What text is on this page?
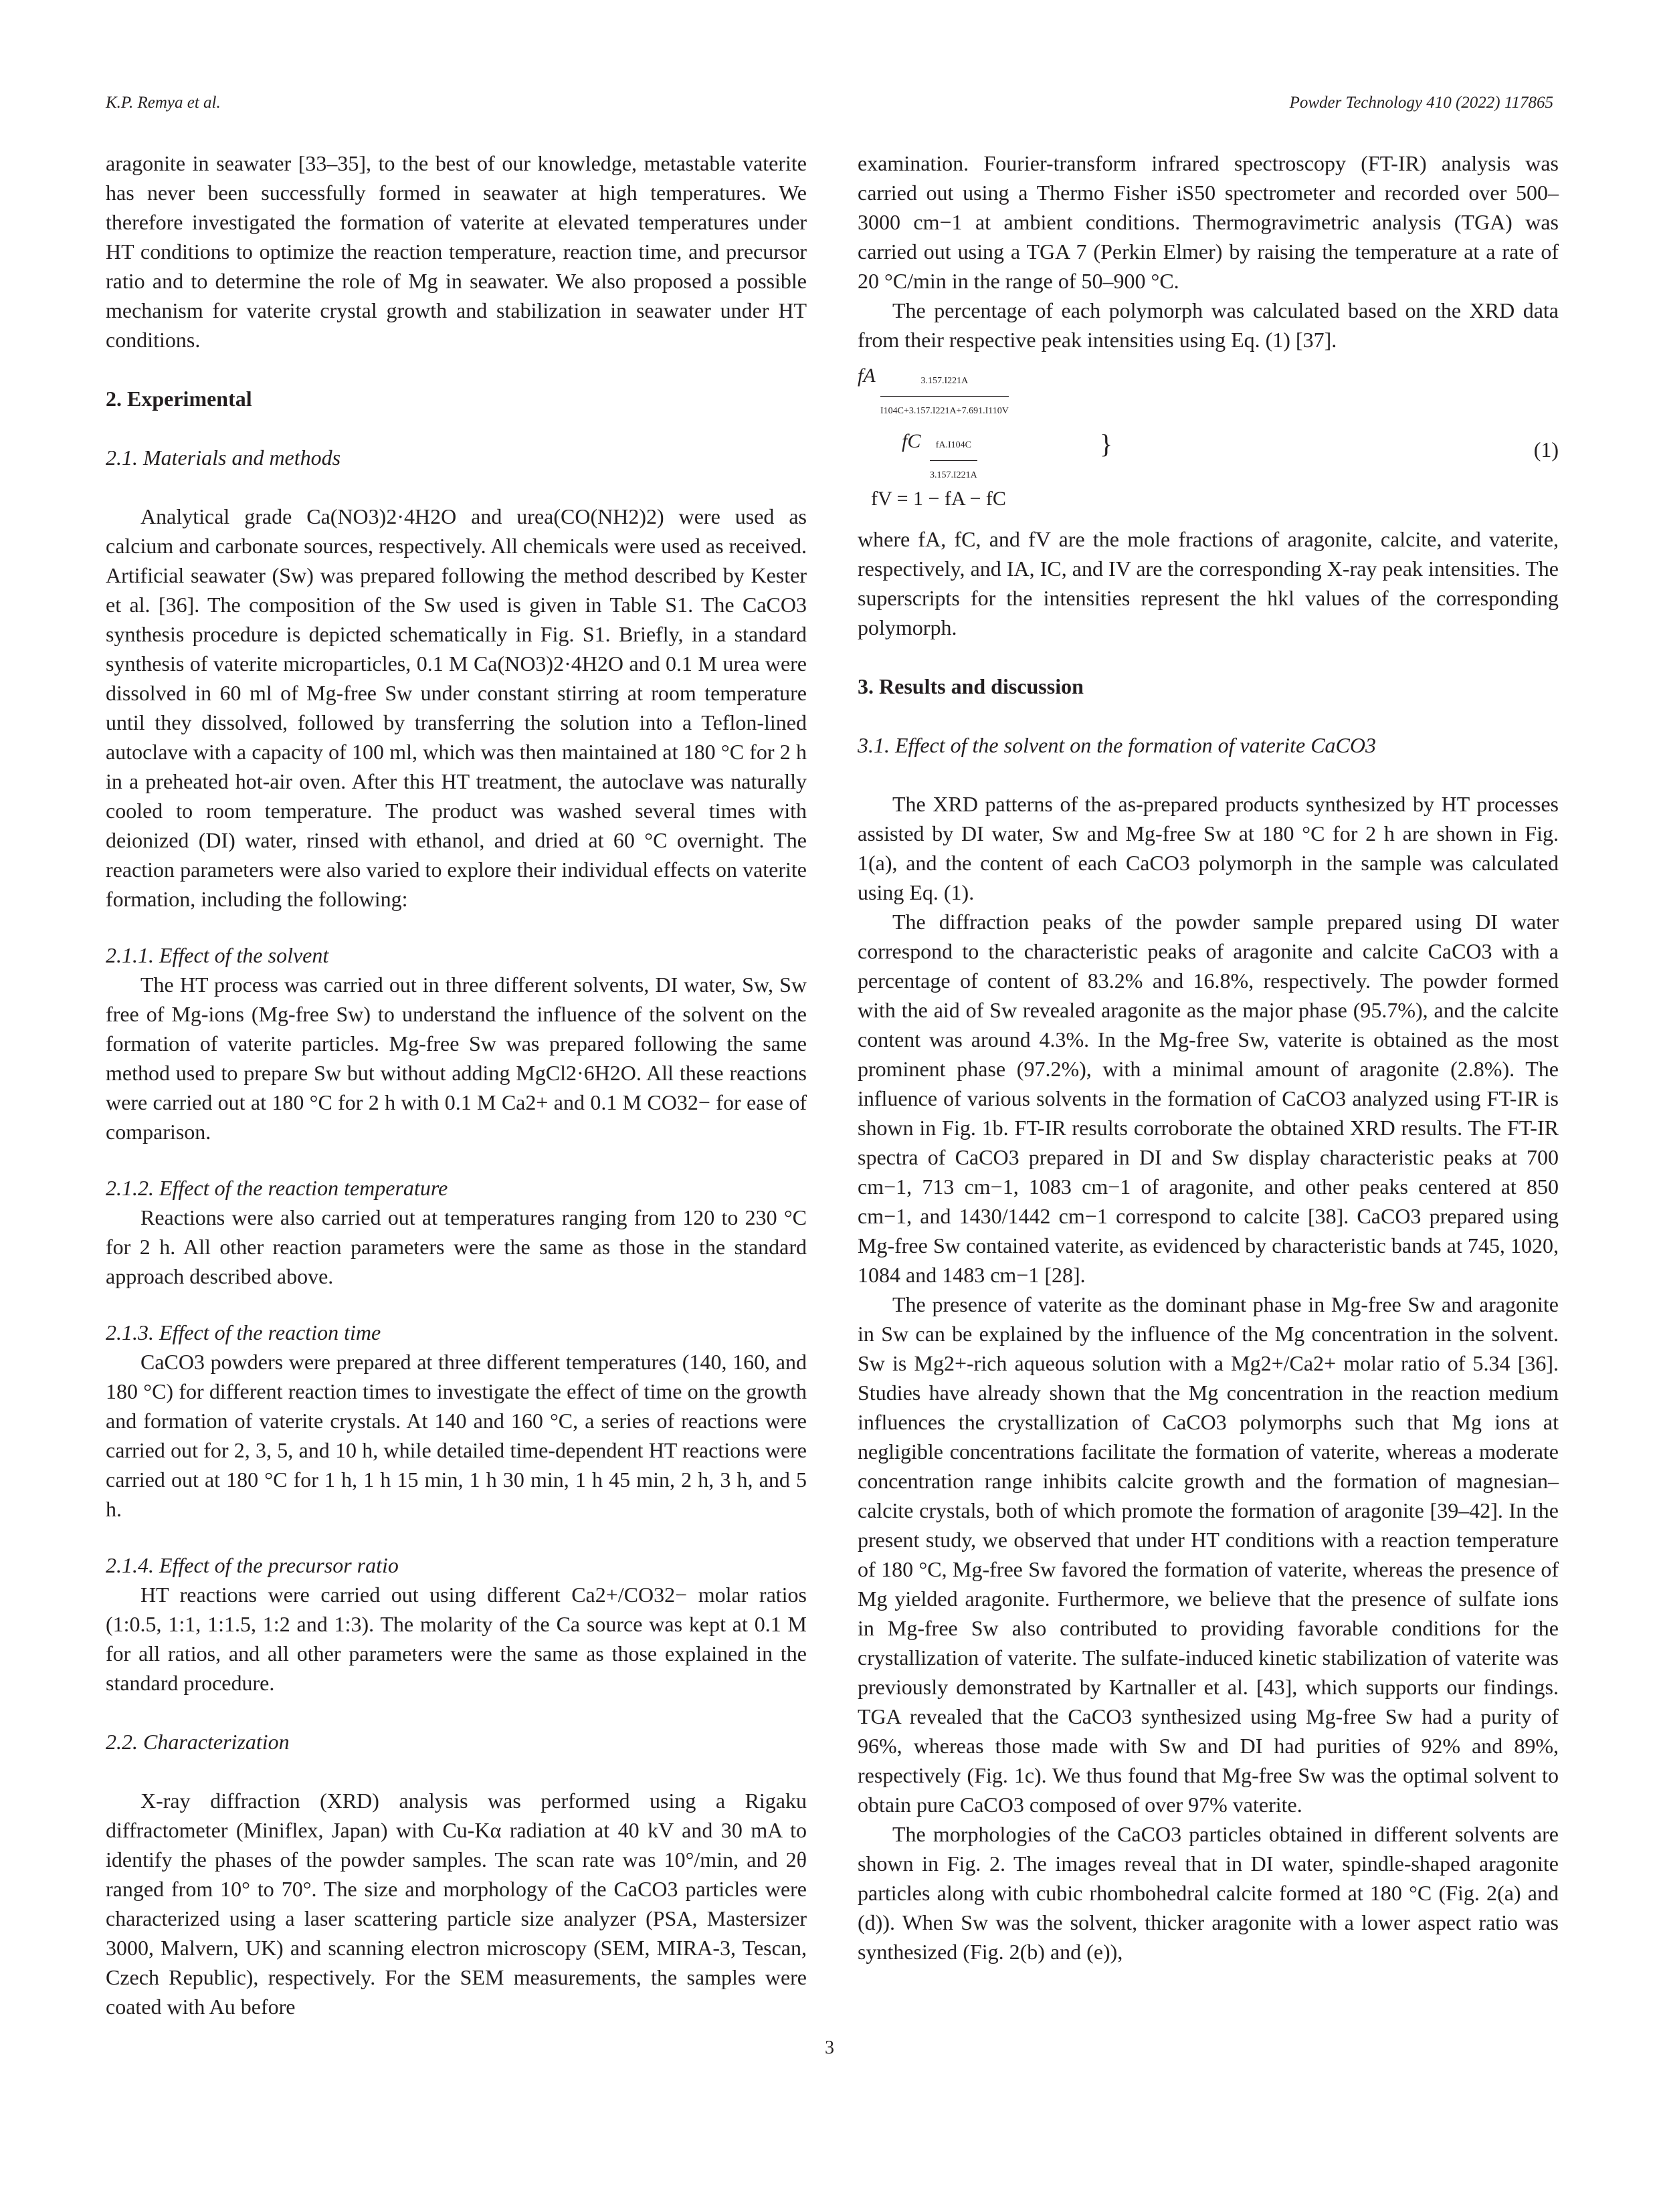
K.P. Remya et al.	Powder Technology 410 (2022) 117865

aragonite in seawater [33–35], to the best of our knowledge, metastable vaterite has never been successfully formed in seawater at high temperatures. We therefore investigated the formation of vaterite at elevated temperatures under HT conditions to optimize the reaction temperature, reaction time, and precursor ratio and to determine the role of Mg in seawater. We also proposed a possible mechanism for vaterite crystal growth and stabilization in seawater under HT conditions.

2. Experimental

2.1. Materials and methods

Analytical grade Ca(NO3)2·4H2O and urea(CO(NH2)2) were used as calcium and carbonate sources, respectively. All chemicals were used as received. Artificial seawater (Sw) was prepared following the method described by Kester et al. [36]. The composition of the Sw used is given in Table S1. The CaCO3 synthesis procedure is depicted schematically in Fig. S1. Briefly, in a standard synthesis of vaterite microparticles, 0.1 M Ca(NO3)2·4H2O and 0.1 M urea were dissolved in 60 ml of Mg-free Sw under constant stirring at room temperature until they dissolved, followed by transferring the solution into a Teflon-lined autoclave with a capacity of 100 ml, which was then maintained at 180 °C for 2 h in a preheated hot-air oven. After this HT treatment, the autoclave was naturally cooled to room temperature. The product was washed several times with deionized (DI) water, rinsed with ethanol, and dried at 60 °C overnight. The reaction parameters were also varied to explore their individual effects on vaterite formation, including the following:

2.1.1. Effect of the solvent

The HT process was carried out in three different solvents, DI water, Sw, Sw free of Mg-ions (Mg-free Sw) to understand the influence of the solvent on the formation of vaterite particles. Mg-free Sw was prepared following the same method used to prepare Sw but without adding MgCl2·6H2O. All these reactions were carried out at 180 °C for 2 h with 0.1 M Ca2+ and 0.1 M CO32− for ease of comparison.

2.1.2. Effect of the reaction temperature

Reactions were also carried out at temperatures ranging from 120 to 230 °C for 2 h. All other reaction parameters were the same as those in the standard approach described above.

2.1.3. Effect of the reaction time

CaCO3 powders were prepared at three different temperatures (140, 160, and 180 °C) for different reaction times to investigate the effect of time on the growth and formation of vaterite crystals. At 140 and 160 °C, a series of reactions were carried out for 2, 3, 5, and 10 h, while detailed time-dependent HT reactions were carried out at 180 °C for 1 h, 1 h 15 min, 1 h 30 min, 1 h 45 min, 2 h, 3 h, and 5 h.

2.1.4. Effect of the precursor ratio

HT reactions were carried out using different Ca2+/CO32− molar ratios (1:0.5, 1:1, 1:1.5, 1:2 and 1:3). The molarity of the Ca source was kept at 0.1 M for all ratios, and all other parameters were the same as those explained in the standard procedure.

2.2. Characterization

X-ray diffraction (XRD) analysis was performed using a Rigaku diffractometer (Miniflex, Japan) with Cu-Kα radiation at 40 kV and 30 mA to identify the phases of the powder samples. The scan rate was 10°/min, and 2θ ranged from 10° to 70°. The size and morphology of the CaCO3 particles were characterized using a laser scattering particle size analyzer (PSA, Mastersizer 3000, Malvern, UK) and scanning electron microscopy (SEM, MIRA-3, Tescan, Czech Republic), respectively. For the SEM measurements, the samples were coated with Au before

examination. Fourier-transform infrared spectroscopy (FT-IR) analysis was carried out using a Thermo Fisher iS50 spectrometer and recorded over 500–3000 cm−1 at ambient conditions. Thermogravimetric analysis (TGA) was carried out using a TGA 7 (Perkin Elmer) by raising the temperature at a rate of 20 °C/min in the range of 50–900 °C.

The percentage of each polymorph was calculated based on the XRD data from their respective peak intensities using Eq. (1) [37].

fA $\frac{3.157.I221A}{I104C+3.157.I221A+7.691.I110V}$
fC $\frac{fA.I104C}{3.157.I221A}$	}
fV = 1 − fA − fC
(1)

where fA, fC, and fV are the mole fractions of aragonite, calcite, and vaterite, respectively, and IA, IC, and IV are the corresponding X-ray peak intensities. The superscripts for the intensities represent the hkl values of the corresponding polymorph.

3. Results and discussion

3.1. Effect of the solvent on the formation of vaterite CaCO3

The XRD patterns of the as-prepared products synthesized by HT processes assisted by DI water, Sw and Mg-free Sw at 180 °C for 2 h are shown in Fig. 1(a), and the content of each CaCO3 polymorph in the sample was calculated using Eq. (1).

The diffraction peaks of the powder sample prepared using DI water correspond to the characteristic peaks of aragonite and calcite CaCO3 with a percentage of content of 83.2% and 16.8%, respectively. The powder formed with the aid of Sw revealed aragonite as the major phase (95.7%), and the calcite content was around 4.3%. In the Mg-free Sw, vaterite is obtained as the most prominent phase (97.2%), with a minimal amount of aragonite (2.8%). The influence of various solvents in the formation of CaCO3 analyzed using FT-IR is shown in Fig. 1b. FT-IR results corroborate the obtained XRD results. The FT-IR spectra of CaCO3 prepared in DI and Sw display characteristic peaks at 700 cm−1, 713 cm−1, 1083 cm−1 of aragonite, and other peaks centered at 850 cm−1, and 1430/1442 cm−1 correspond to calcite [38]. CaCO3 prepared using Mg-free Sw contained vaterite, as evidenced by characteristic bands at 745, 1020, 1084 and 1483 cm−1 [28].

The presence of vaterite as the dominant phase in Mg-free Sw and aragonite in Sw can be explained by the influence of the Mg concentration in the solvent. Sw is Mg2+-rich aqueous solution with a Mg2+/Ca2+ molar ratio of 5.34 [36]. Studies have already shown that the Mg concentration in the reaction medium influences the crystallization of CaCO3 polymorphs such that Mg ions at negligible concentrations facilitate the formation of vaterite, whereas a moderate concentration range inhibits calcite growth and the formation of magnesian–calcite crystals, both of which promote the formation of aragonite [39–42]. In the present study, we observed that under HT conditions with a reaction temperature of 180 °C, Mg-free Sw favored the formation of vaterite, whereas the presence of Mg yielded aragonite. Furthermore, we believe that the presence of sulfate ions in Mg-free Sw also contributed to providing favorable conditions for the crystallization of vaterite. The sulfate-induced kinetic stabilization of vaterite was previously demonstrated by Kartnaller et al. [43], which supports our findings. TGA revealed that the CaCO3 synthesized using Mg-free Sw had a purity of 96%, whereas those made with Sw and DI had purities of 92% and 89%, respectively (Fig. 1c). We thus found that Mg-free Sw was the optimal solvent to obtain pure CaCO3 composed of over 97% vaterite.

The morphologies of the CaCO3 particles obtained in different solvents are shown in Fig. 2. The images reveal that in DI water, spindle-shaped aragonite particles along with cubic rhombohedral calcite formed at 180 °C (Fig. 2(a) and (d)). When Sw was the solvent, thicker aragonite with a lower aspect ratio was synthesized (Fig. 2(b) and (e)),

3
